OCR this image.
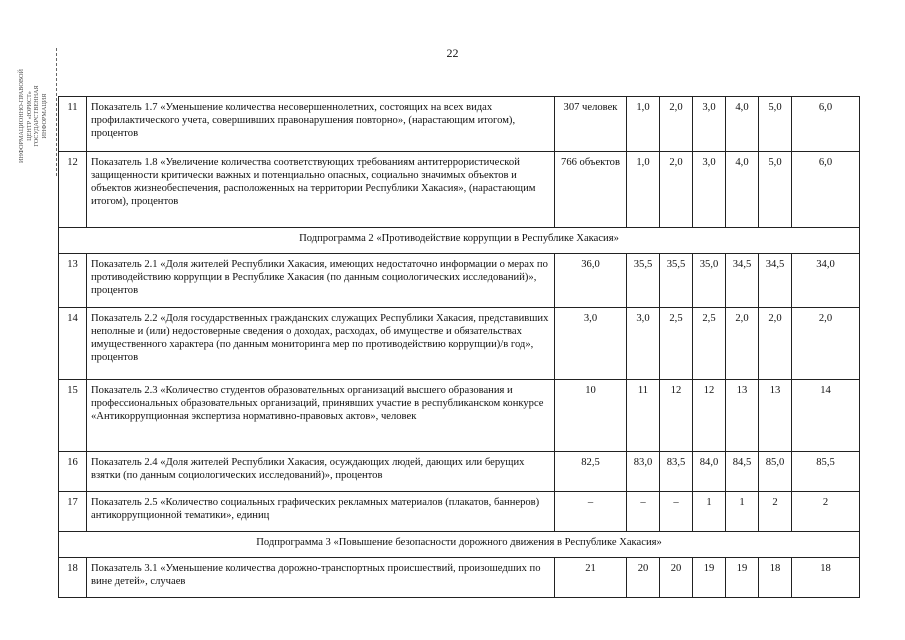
22
ИНФОРМАЦИОННО-ПРАВОВОЙ ЦЕНТР «ЮРИСТ» ГОСУДАРСТВЕННАЯ ИНФОРМАЦИЯ 11	Показатель 1.7 «Уменьшение количества несовершеннолетних, состоящих на всех видах профилактического учета, совершивших правонарушения повторно», (нарастающим итогом), процентов	307 человек	1,0	2,0	3,0	4,0	5,0	6,0
12	Показатель 1.8 «Увеличение количества соответствующих требованиям антитеррористической защищенности критически важных и потенциально опасных, социально значимых объектов и объектов жизнеобеспечения, расположенных на территории Республики Хакасия», (нарастающим итогом), процентов	766 объектов	1,0	2,0	3,0	4,0	5,0	6,0
Подпрограмма 2 «Противодействие коррупции в Республике Хакасия»								
13	Показатель 2.1 «Доля жителей Республики Хакасия, имеющих недостаточно информации о мерах по противодействию коррупции в Республике Хакасия (по данным социологических исследований)», процентов	36,0	35,5	35,5	35,0	34,5	34,5	34,0
14	Показатель 2.2 «Доля государственных гражданских служащих Республики Хакасия, представивших неполные и (или) недостоверные сведения о доходах, расходах, об имуществе и обязательствах имущественного характера (по данным мониторинга мер по противодействию коррупции)/в год», процентов	3,0	3,0	2,5	2,5	2,0	2,0	2,0
15	Показатель 2.3 «Количество студентов образовательных организаций высшего образования и профессиональных образовательных организаций, принявших участие в республиканском конкурсе «Антикоррупционная экспертиза нормативно-правовых актов», человек	10	11	12	12	13	13	14
16	Показатель 2.4 «Доля жителей Республики Хакасия, осуждающих людей, дающих или берущих взятки (по данным социологических исследований)», процентов	82,5	83,0	83,5	84,0	84,5	85,0	85,5
17	Показатель 2.5 «Количество социальных графических рекламных материалов (плакатов, баннеров) антикоррупционной тематики», единиц	–	–	–	1	1	2	2
Подпрограмма 3 «Повышение безопасности дорожного движения в Республике Хакасия»								
18	Показатель 3.1 «Уменьшение количества дорожно-транспортных происшествий, произошедших по вине детей», случаев	21	20	20	19	19	18	18
